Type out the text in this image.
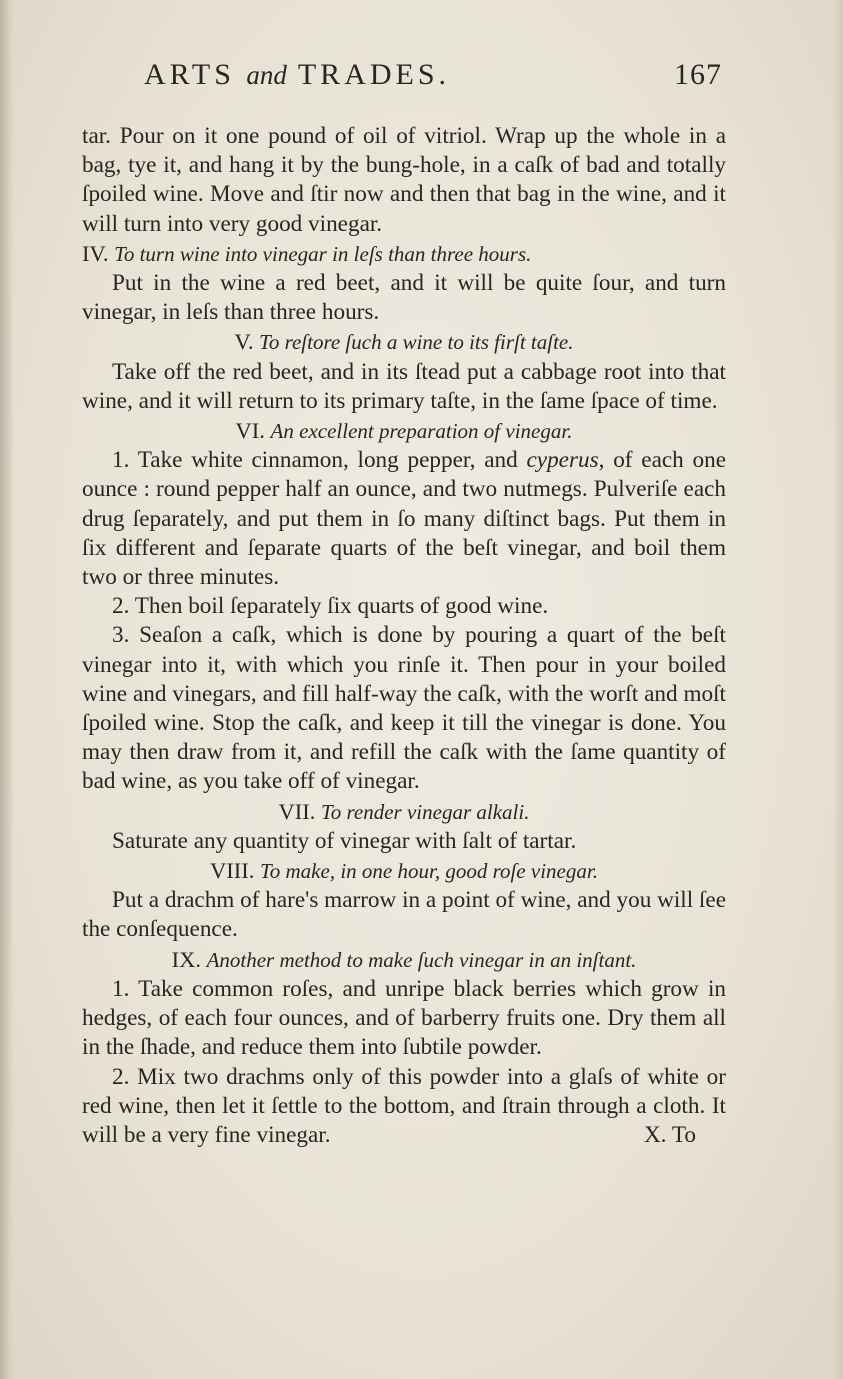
ARTS and TRADES.	167

tar. Pour on it one pound of oil of vitriol. Wrap up the whole in a bag, tye it, and hang it by the bung-hole, in a caſk of bad and totally ſpoiled wine. Move and ſtir now and then that bag in the wine, and it will turn into very good vinegar.

IV. To turn wine into vinegar in leſs than three hours.

Put in the wine a red beet, and it will be quite ſour, and turn vinegar, in leſs than three hours.

V. To reſtore ſuch a wine to its firſt taſte.

Take off the red beet, and in its ſtead put a cabbage root into that wine, and it will return to its primary taſte, in the ſame ſpace of time.

VI. An excellent preparation of vinegar.

1. Take white cinnamon, long pepper, and cyperus, of each one ounce : round pepper half an ounce, and two nutmegs. Pulveriſe each drug ſeparately, and put them in ſo many diſtinct bags. Put them in ſix different and ſeparate quarts of the beſt vinegar, and boil them two or three minutes.

2. Then boil ſeparately ſix quarts of good wine.

3. Seaſon a caſk, which is done by pouring a quart of the beſt vinegar into it, with which you rinſe it. Then pour in your boiled wine and vinegars, and fill half-way the caſk, with the worſt and moſt ſpoiled wine. Stop the caſk, and keep it till the vinegar is done. You may then draw from it, and refill the caſk with the ſame quantity of bad wine, as you take off of vinegar.

VII. To render vinegar alkali.

Saturate any quantity of vinegar with ſalt of tartar.

VIII. To make, in one hour, good roſe vinegar.

Put a drachm of hare's marrow in a point of wine, and you will ſee the conſequence.

IX. Another method to make ſuch vinegar in an inſtant.

1. Take common roſes, and unripe black berries which grow in hedges, of each four ounces, and of barberry fruits one. Dry them all in the ſhade, and reduce them into ſubtile powder.

2. Mix two drachms only of this powder into a glaſs of white or red wine, then let it ſettle to the bottom, and ſtrain through a cloth. It will be a very fine vinegar.	X. To
